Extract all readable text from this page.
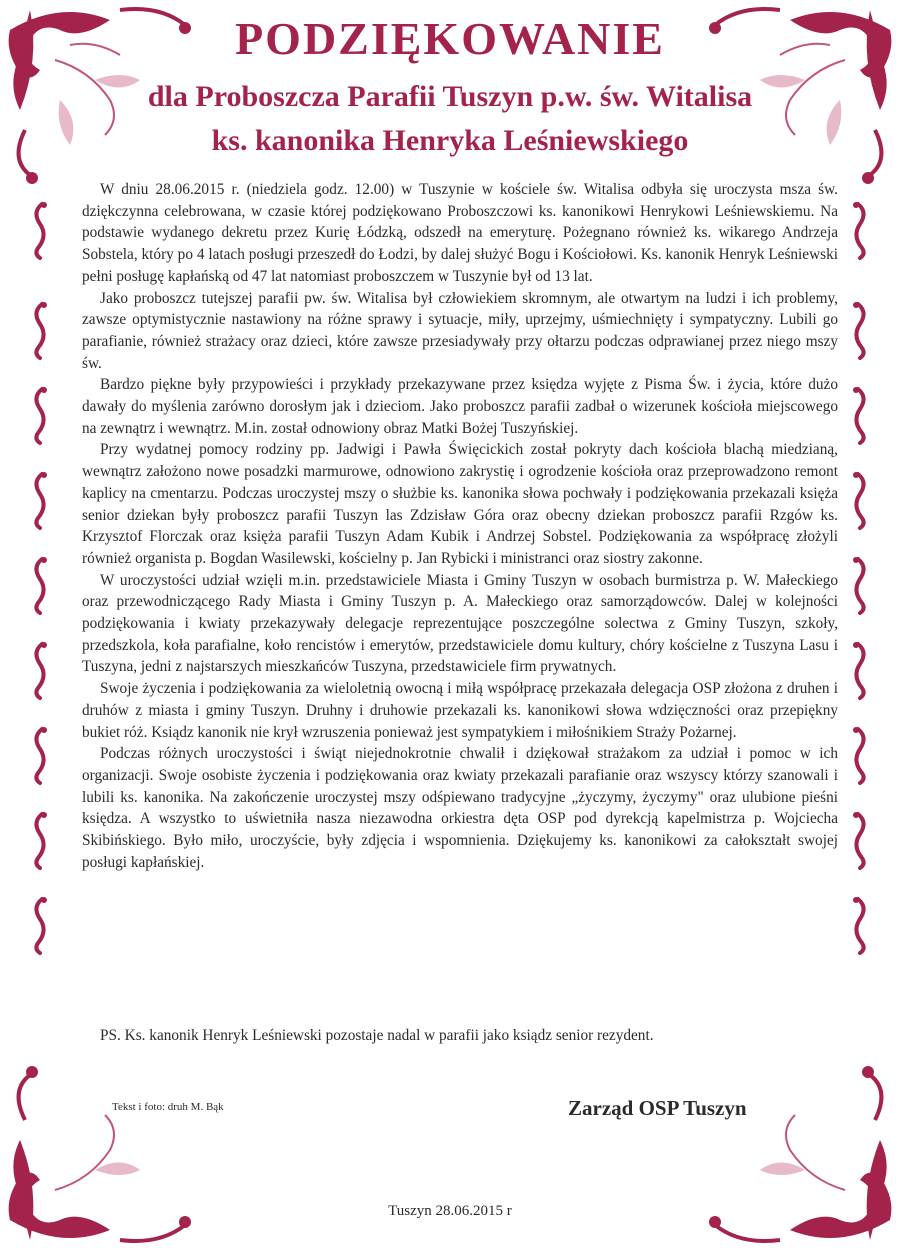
PODZIĘKOWANIE
dla Proboszcza Parafii Tuszyn p.w. św. Witalisa
ks. kanonika Henryka Leśniewskiego

W dniu 28.06.2015 r. (niedziela godz. 12.00) w Tuszynie w kościele św. Witalisa odbyła się uroczysta msza św. dziękczynna celebrowana, w czasie której podziękowano Proboszczowi ks. kanonikowi Henrykowi Leśniewskiemu. Na podstawie wydanego dekretu przez Kurię Łódzką, odszedł na emeryturę. Pożegnano również ks. wikarego Andrzeja Sobstela, który po 4 latach posługi przeszedł do Łodzi, by dalej służyć Bogu i Kościołowi. Ks. kanonik Henryk Leśniewski pełni posługę kapłańską od 47 lat natomiast proboszczem w Tuszynie był od 13 lat.

Jako proboszcz tutejszej parafii pw. św. Witalisa był człowiekiem skromnym, ale otwartym na ludzi i ich problemy, zawsze optymistycznie nastawiony na różne sprawy i sytuacje, miły, uprzejmy, uśmiechnięty i sympatyczny. Lubili go parafianie, również strażacy oraz dzieci, które zawsze przesiadywały przy ołtarzu podczas odprawianej przez niego mszy św.

Bardzo piękne były przypowieści i przykłady przekazywane przez księdza wyjęte z Pisma Św. i życia, które dużo dawały do myślenia zarówno dorosłym jak i dzieciom. Jako proboszcz parafii zadbał o wizerunek kościoła miejscowego na zewnątrz i wewnątrz. M.in. został odnowiony obraz Matki Bożej Tuszyńskiej.

Przy wydatnej pomocy rodziny pp. Jadwigi i Pawła Święcickich został pokryty dach kościoła blachą miedzianą, wewnątrz założono nowe posadzki marmurowe, odnowiono zakrystię i ogrodzenie kościoła oraz przeprowadzono remont kaplicy na cmentarzu. Podczas uroczystej mszy o służbie ks. kanonika słowa pochwały i podziękowania przekazali księża senior dziekan były proboszcz parafii Tuszyn las Zdzisław Góra oraz obecny dziekan proboszcz parafii Rzgów ks. Krzysztof Florczak oraz księża parafii Tuszyn Adam Kubik i Andrzej Sobstel. Podziękowania za współpracę złożyli również organista p. Bogdan Wasilewski, kościelny p. Jan Rybicki i ministranci oraz siostry zakonne.

W uroczystości udział wzięli m.in. przedstawiciele Miasta i Gminy Tuszyn w osobach burmistrza p. W. Małeckiego oraz przewodniczącego Rady Miasta i Gminy Tuszyn p. A. Małeckiego oraz samorządowców. Dalej w kolejności podziękowania i kwiaty przekazywały delegacje reprezentujące poszczególne solectwa z Gminy Tuszyn, szkoły, przedszkola, koła parafialne, koło rencistów i emerytów, przedstawiciele domu kultury, chóry kościelne z Tuszyna Lasu i Tuszyna, jedni z najstarszych mieszkańców Tuszyna, przedstawiciele firm prywatnych.

Swoje życzenia i podziękowania za wieloletnią owocną i miłą współpracę przekazała delegacja OSP złożona z druhen i druhów z miasta i gminy Tuszyn. Druhny i druhowie przekazali ks. kanonikowi słowa wdzięczności oraz przepiękny bukiet róż. Ksiądz kanonik nie krył wzruszenia ponieważ jest sympatykiem i miłośnikiem Straży Pożarnej.

Podczas różnych uroczystości i świąt niejednokrotnie chwalił i dziękował strażakom za udział i pomoc w ich organizacji. Swoje osobiste życzenia i podziękowania oraz kwiaty przekazali parafianie oraz wszyscy którzy szanowali i lubili ks. kanonika. Na zakończenie uroczystej mszy odśpiewano tradycyjne „życzymy, życzymy" oraz ulubione pieśni księdza. A wszystko to uświetniła nasza niezawodna orkiestra dęta OSP pod dyrekcją kapelmistrza p. Wojciecha Skibińskiego. Było miło, uroczyście, były zdjęcia i wspomnienia. Dziękujemy ks. kanonikowi za całokształt swojej posługi kapłańskiej.

PS. Ks. kanonik Henryk Leśniewski pozostaje nadal w parafii jako ksiądz senior rezydent.
Tekst i foto: druh M. Bąk	Zarząd OSP Tuszyn
Tuszyn 28.06.2015 r
